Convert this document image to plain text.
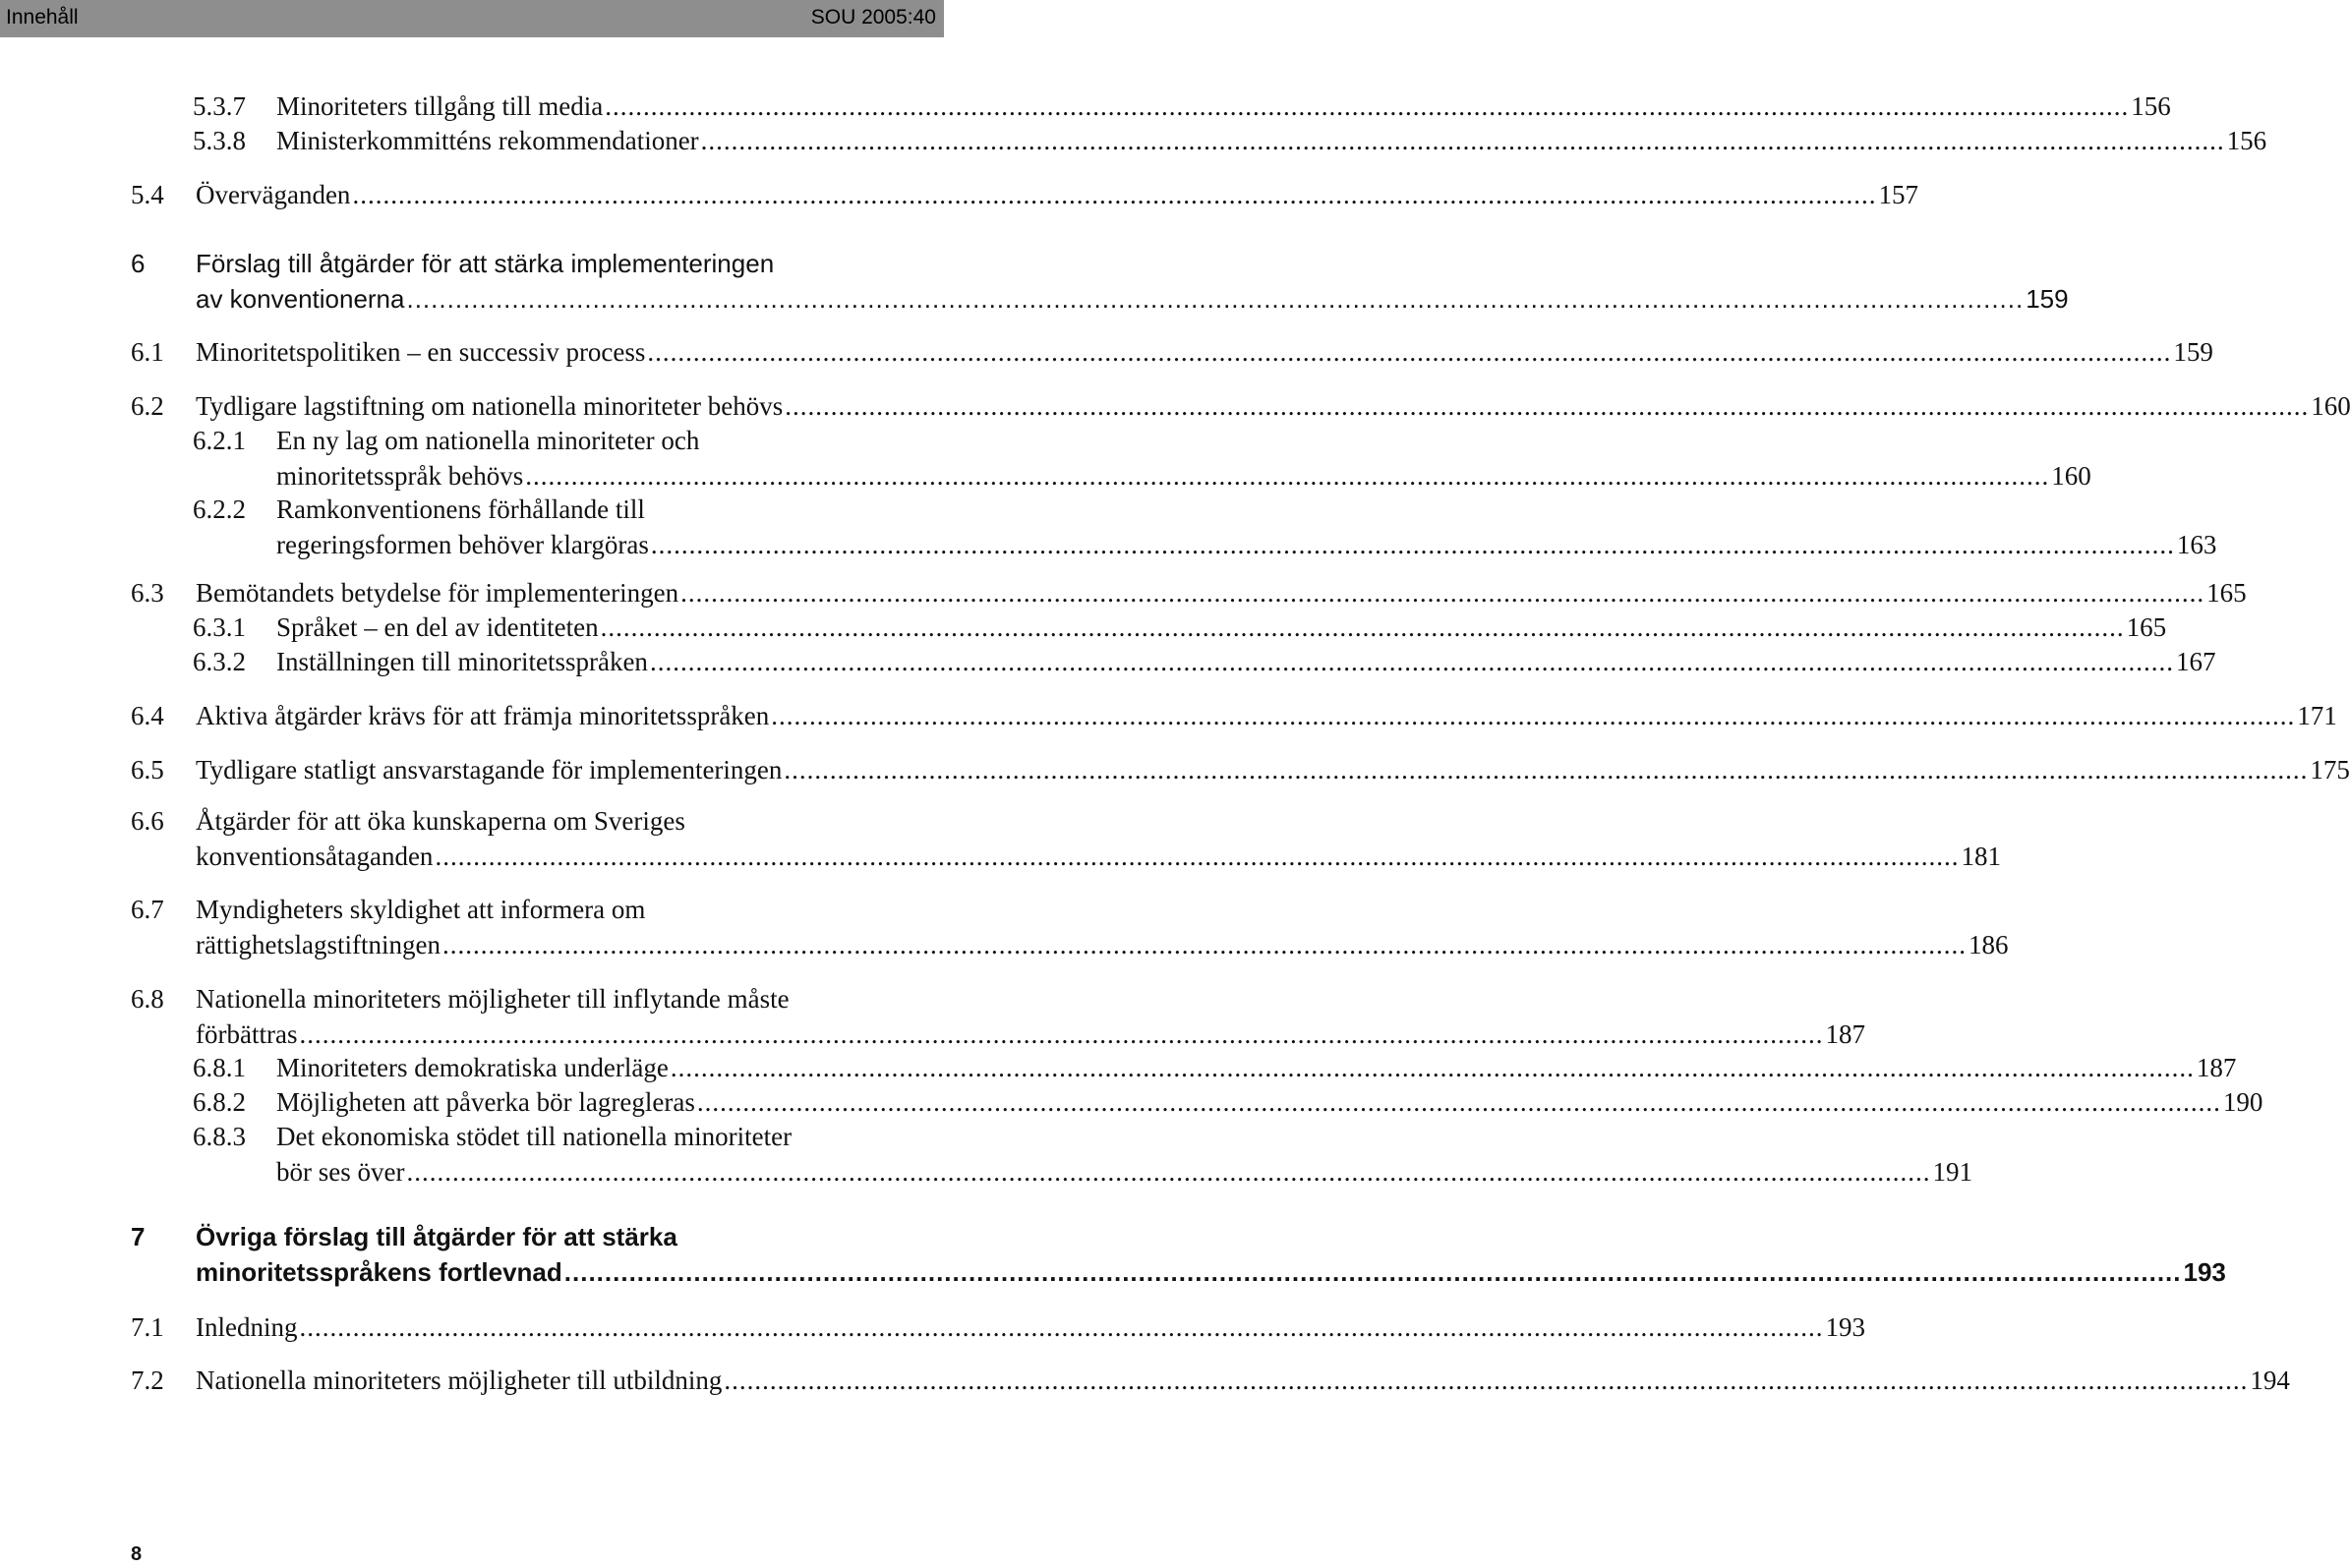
Innehåll	SOU 2005:40
5.3.7 Minoriteters tillgång till media ........................................................................................................................................................................................................ 156
5.3.8 Ministerkommitténs rekommendationer ........................................................................................................................................................................................................ 156
5.4 Överväganden ........................................................................................................................................................................................................ 157
6 Förslag till åtgärder för att stärka implementeringen
av konventionerna ........................................................................................................................................................................................................ 159
6.1 Minoritetspolitiken – en successiv process ........................................................................................................................................................................................................ 159
6.2 Tydligare lagstiftning om nationella minoriteter behövs ........................................................................................................................................................................................................ 160
6.2.1 En ny lag om nationella minoriteter och
minoritetsspråk behövs ........................................................................................................................................................................................................ 160
6.2.2 Ramkonventionens förhållande till
regeringsformen behöver klargöras ........................................................................................................................................................................................................ 163
6.3 Bemötandets betydelse för implementeringen ........................................................................................................................................................................................................ 165
6.3.1 Språket – en del av identiteten ........................................................................................................................................................................................................ 165
6.3.2 Inställningen till minoritetsspråken ........................................................................................................................................................................................................ 167
6.4 Aktiva åtgärder krävs för att främja minoritetsspråken ........................................................................................................................................................................................................ 171
6.5 Tydligare statligt ansvarstagande för implementeringen ........................................................................................................................................................................................................ 175
6.6 Åtgärder för att öka kunskaperna om Sveriges
konventionsåtaganden ........................................................................................................................................................................................................ 181
6.7 Myndigheters skyldighet att informera om
rättighetslagstiftningen ........................................................................................................................................................................................................ 186
6.8 Nationella minoriteters möjligheter till inflytande måste
förbättras ........................................................................................................................................................................................................ 187
6.8.1 Minoriteters demokratiska underläge ........................................................................................................................................................................................................ 187
6.8.2 Möjligheten att påverka bör lagregleras ........................................................................................................................................................................................................ 190
6.8.3 Det ekonomiska stödet till nationella minoriteter
bör ses över ........................................................................................................................................................................................................ 191
7 Övriga förslag till åtgärder för att stärka
minoritetsspråkens fortlevnad ........................................................................................................................................................................................................ 193
7.1 Inledning ........................................................................................................................................................................................................ 193
7.2 Nationella minoriteters möjligheter till utbildning ........................................................................................................................................................................................................ 194
8
